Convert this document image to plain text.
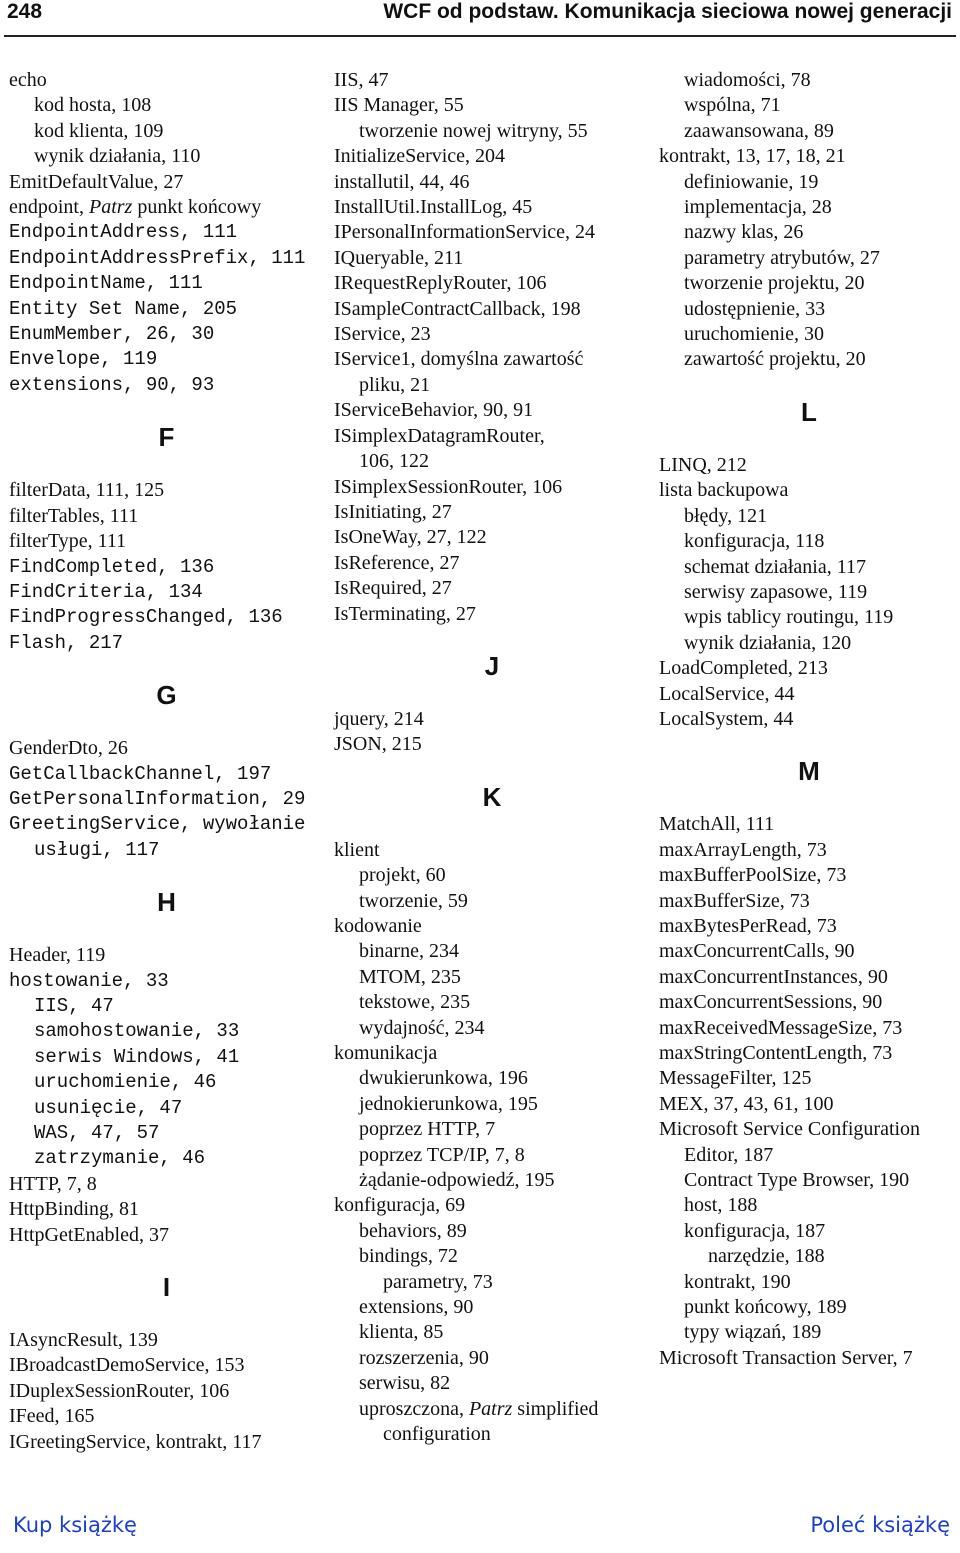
248	WCF od podstaw. Komunikacja sieciowa nowej generacji
echo
kod hosta, 108
kod klienta, 109
wynik działania, 110
EmitDefaultValue, 27
endpoint, Patrz punkt końcowy
EndpointAddress, 111
EndpointAddressPrefix, 111
EndpointName, 111
Entity Set Name, 205
EnumMember, 26, 30
Envelope, 119
extensions, 90, 93
F
filterData, 111, 125
filterTables, 111
filterType, 111
FindCompleted, 136
FindCriteria, 134
FindProgressChanged, 136
Flash, 217
G
GenderDto, 26
GetCallbackChannel, 197
GetPersonalInformation, 29
GreetingService, wywołanie
usługi, 117
H
Header, 119
hostowanie, 33
IIS, 47
samohostowanie, 33
serwis Windows, 41
uruchomienie, 46
usunięcie, 47
WAS, 47, 57
zatrzymanie, 46
HTTP, 7, 8
HttpBinding, 81
HttpGetEnabled, 37
I
IAsyncResult, 139
IBroadcastDemoService, 153
IDuplexSessionRouter, 106
IFeed, 165
IGreetingService, kontrakt, 117
IIS, 47
IIS Manager, 55
tworzenie nowej witryny, 55
InitializeService, 204
installutil, 44, 46
InstallUtil.InstallLog, 45
IPersonalInformationService, 24
IQueryable, 211
IRequestReplyRouter, 106
ISampleContractCallback, 198
IService, 23
IService1, domyślna zawartość
pliku, 21
IServiceBehavior, 90, 91
ISimplexDatagramRouter,
106, 122
ISimplexSessionRouter, 106
IsInitiating, 27
IsOneWay, 27, 122
IsReference, 27
IsRequired, 27
IsTerminating, 27
J
jquery, 214
JSON, 215
K
klient
projekt, 60
tworzenie, 59
kodowanie
binarne, 234
MTOM, 235
tekstowe, 235
wydajność, 234
komunikacja
dwukierunkowa, 196
jednokierunkowa, 195
poprzez HTTP, 7
poprzez TCP/IP, 7, 8
żądanie-odpowiedź, 195
konfiguracja, 69
behaviors, 89
bindings, 72
parametry, 73
extensions, 90
klienta, 85
rozszerzenia, 90
serwisu, 82
uproszczona, Patrz simplified
configuration
wiadomości, 78
wspólna, 71
zaawansowana, 89
kontrakt, 13, 17, 18, 21
definiowanie, 19
implementacja, 28
nazwy klas, 26
parametry atrybutów, 27
tworzenie projektu, 20
udostępnienie, 33
uruchomienie, 30
zawartość projektu, 20
L
LINQ, 212
lista backupowa
błędy, 121
konfiguracja, 118
schemat działania, 117
serwisy zapasowe, 119
wpis tablicy routingu, 119
wynik działania, 120
LoadCompleted, 213
LocalService, 44
LocalSystem, 44
M
MatchAll, 111
maxArrayLength, 73
maxBufferPoolSize, 73
maxBufferSize, 73
maxBytesPerRead, 73
maxConcurrentCalls, 90
maxConcurrentInstances, 90
maxConcurrentSessions, 90
maxReceivedMessageSize, 73
maxStringContentLength, 73
MessageFilter, 125
MEX, 37, 43, 61, 100
Microsoft Service Configuration
Editor, 187
Contract Type Browser, 190
host, 188
konfiguracja, 187
narzędzie, 188
kontrakt, 190
punkt końcowy, 189
typy wiązań, 189
Microsoft Transaction Server, 7
Kup książkę	Poleć książkę
